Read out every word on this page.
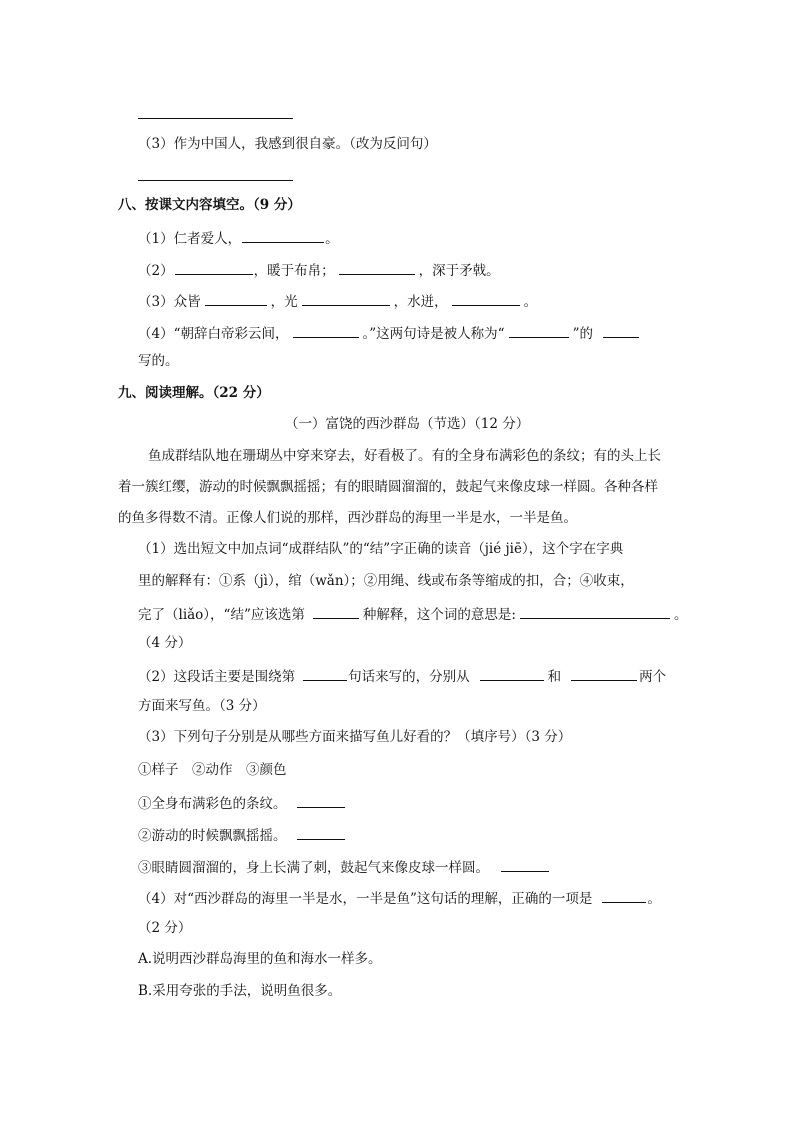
（3）作为中国人，我感到很自豪。（改为反问句）
八、按课文内容填空。（9 分）
（1）仁者爱人，	。
（2）	，暖于布帛；	，深于矛戟。
（3）众皆	，光	，水迸，	。
（4）“朝辞白帝彩云间，	。”这两句诗是被人称为“	”的
写的。
九、阅读理解。（22 分）
（一）富饶的西沙群岛（节选）（12 分）
鱼成群结队地在珊瑚丛中穿来穿去，好看极了。有的全身布满彩色的条纹；有的头上长
着一簇红缨，游动的时候飘飘摇摇；有的眼睛圆溜溜的，鼓起气来像皮球一样圆。各种各样
的鱼多得数不清。正像人们说的那样，西沙群岛的海里一半是水，一半是鱼。
（1）选出短文中加点词“成群结队”的“结”字正确的读音（jié jiē），这个字在字典
里的解释有：①系（jì），绾（wǎn）；②用绳、线或布条等缩成的扣，合；④收束，
完了（liǎo），“结”应该选第	种解释，这个词的意思是:	。
（4 分）
（2）这段话主要是围绕第	句话来写的，分别从	和	两个
方面来写鱼。（3 分）
（3）下列句子分别是从哪些方面来描写鱼儿好看的？（填序号）（3 分）
①样子　②动作　③颜色
①全身布满彩色的条纹。
②游动的时候飘飘摇摇。
③眼睛圆溜溜的，身上长满了刺，鼓起气来像皮球一样圆。
（4）对“西沙群岛的海里一半是水，一半是鱼”这句话的理解，正确的一项是	。
（2 分）
A.说明西沙群岛海里的鱼和海水一样多。
B.采用夸张的手法，说明鱼很多。
